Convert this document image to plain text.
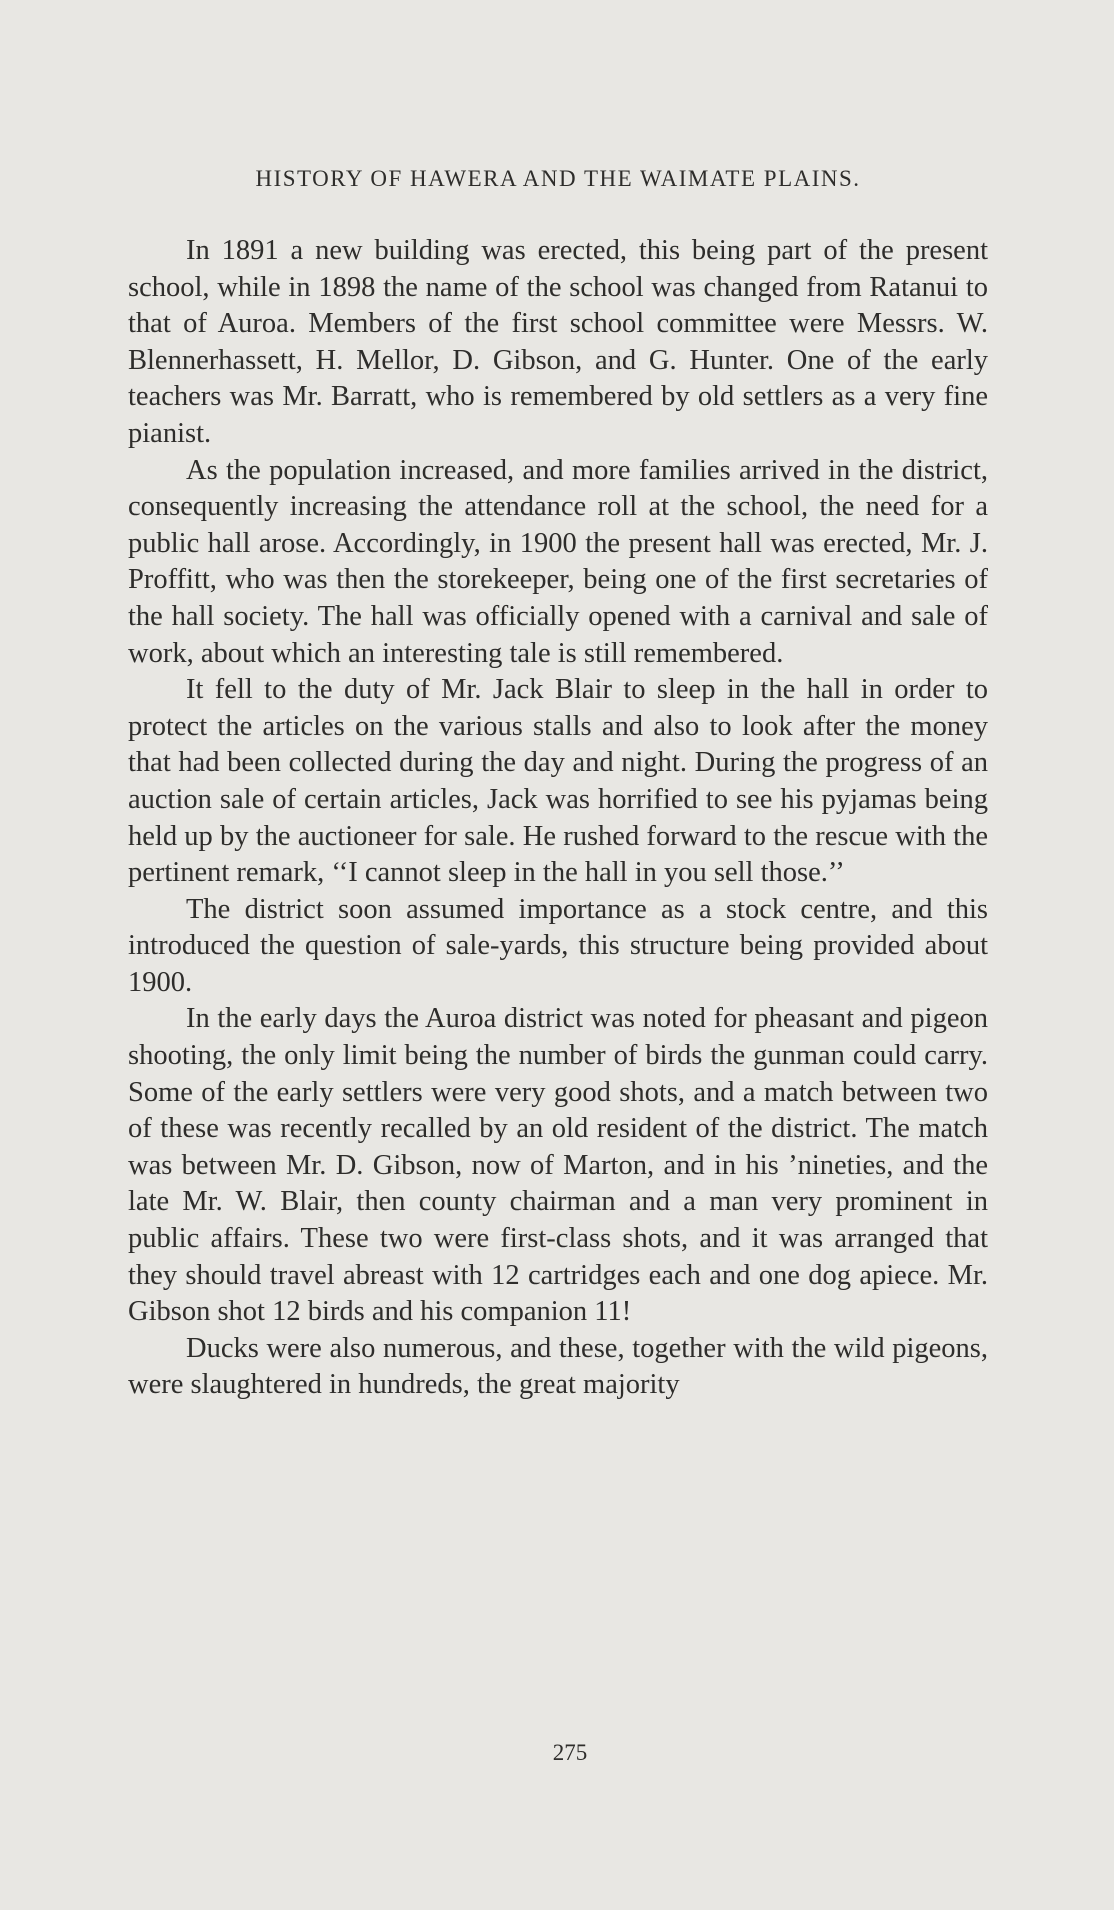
HISTORY OF HAWERA AND THE WAIMATE PLAINS.

In 1891 a new building was erected, this being part of the present school, while in 1898 the name of the school was changed from Ratanui to that of Auroa. Members of the first school committee were Messrs. W. Blennerhassett, H. Mellor, D. Gibson, and G. Hunter. One of the early teachers was Mr. Barratt, who is remembered by old settlers as a very fine pianist.

As the population increased, and more families arrived in the district, consequently increasing the attendance roll at the school, the need for a public hall arose. Accordingly, in 1900 the present hall was erected, Mr. J. Proffitt, who was then the storekeeper, being one of the first secretaries of the hall society. The hall was officially opened with a carnival and sale of work, about which an interesting tale is still remembered.

It fell to the duty of Mr. Jack Blair to sleep in the hall in order to protect the articles on the various stalls and also to look after the money that had been collected during the day and night. During the progress of an auction sale of certain articles, Jack was horrified to see his pyjamas being held up by the auctioneer for sale. He rushed forward to the rescue with the pertinent remark, ‘‘I cannot sleep in the hall in you sell those.’’

The district soon assumed importance as a stock centre, and this introduced the question of sale-yards, this structure being provided about 1900.

In the early days the Auroa district was noted for pheasant and pigeon shooting, the only limit being the number of birds the gunman could carry. Some of the early settlers were very good shots, and a match between two of these was recently recalled by an old resident of the district. The match was between Mr. D. Gibson, now of Marton, and in his ’nineties, and the late Mr. W. Blair, then county chairman and a man very prominent in public affairs. These two were first-class shots, and it was arranged that they should travel abreast with 12 cartridges each and one dog apiece. Mr. Gibson shot 12 birds and his companion 11!

Ducks were also numerous, and these, together with the wild pigeons, were slaughtered in hundreds, the great majority

275
